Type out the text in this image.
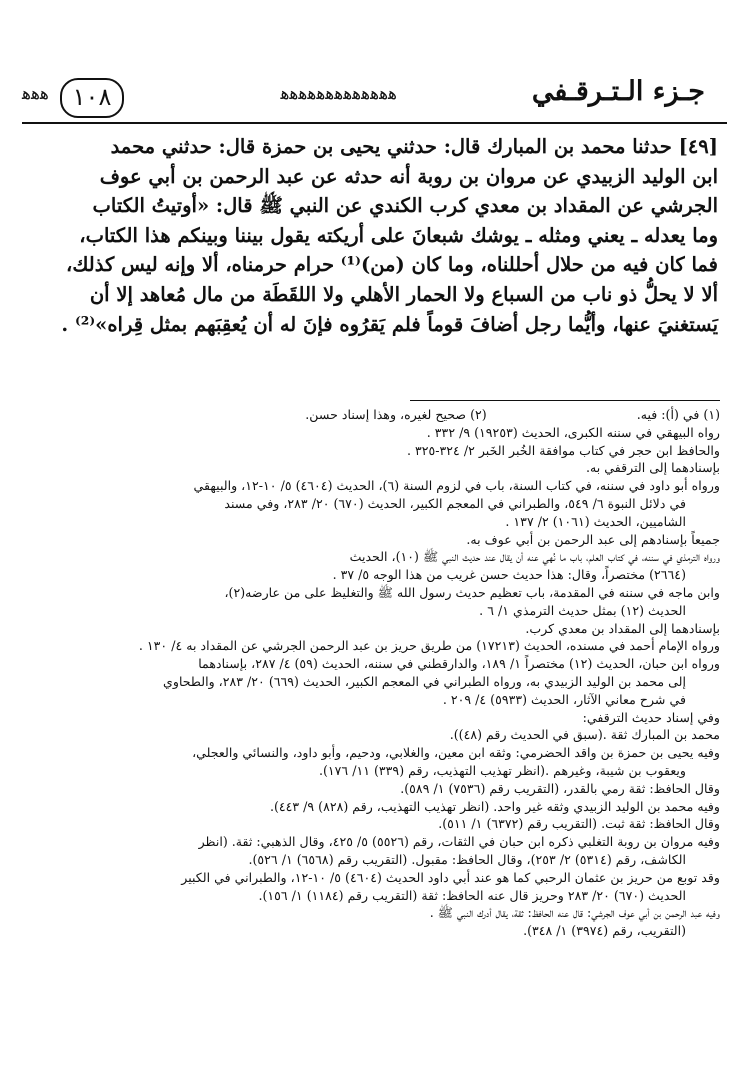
ﮬﮬﮬ ١٠٨	ﮬﮬﮬﮬﮬﮬﮬﮬﮬﮬﮬﮬﮬ	جـزء الـتـرقـفي

[٤٩] حدثنا محمد بن المبارك قال: حدثني يحيى بن حمزة قال: حدثني محمد

ابن الوليد الزبيدي عن مروان بن روبة أنه حدثه عن عبد الرحمن بن أبي عوف

الجرشي عن المقداد بن معدي كرب الكندي عن النبي ﷺ قال: «أوتيتُ الكتاب

وما يعدله ـ يعني ومثله ـ يوشك شبعانَ على أريكته يقول بيننا وبينكم هذا الكتاب،

فما كان فيه من حلال أحللناه، وما كان (من)⁽¹⁾ حرام حرمناه، ألا وإنه ليس كذلك،

ألا لا يحلُّ ذو ناب من السباع ولا الحمار الأهلي ولا اللقَطَة من مال مُعاهد إلا أن

يَستغنيَ عنها، وأيُّما رجل أضافَ قوماً فلم يَقرُوه فإنَ له أن يُعقِبَهم بمثل قِراه»⁽²⁾ .

(١) في (أ): فيه.
(٢) صحيح لغيره، وهذا إسناد حسن.
رواه البيهقي في سننه الكبرى، الحديث (١٩٢٥٣) ٩/ ٣٣٢ .
والحافظ ابن حجر في كتاب موافقة الخُبر الخَبر ٢/ ٣٢٤-٣٢٥ .
بإسنادهما إلى الترقفي به.
ورواه أبو داود في سننه، في كتاب السنة، باب في لزوم السنة (٦)، الحديث (٤٦٠٤) ٥/ ١٠-١٢، والبيهقي
في دلائل النبوة ٦/ ٥٤٩، والطبراني في المعجم الكبير، الحديث (٦٧٠) ٢٠/ ٢٨٣، وفي مسند
الشاميين، الحديث (١٠٦١) ٢/ ١٣٧ .
جميعاً بإسنادهم إلى عبد الرحمن بن أبي عوف به.
ورواه الترمذي في سننه، في كتاب العلم، باب ما نُهي عنه أن يقال عند حديث النبي ﷺ (١٠)، الحديث
(٢٦٦٤) مختصراً، وقال: هذا حديث حسن غريب من هذا الوجه ٥/ ٣٧ .
وابن ماجه في سننه في المقدمة، باب تعظيم حديث رسول الله ﷺ والتغليظ على من عارضه(٢)،
الحديث (١٢) بمثل حديث الترمذي ١/ ٦ .
بإسنادهما إلى المقداد بن معدي كرب.
ورواه الإمام أحمد في مسنده، الحديث (١٧٢١٣) من طريق حريز بن عبد الرحمن الجرشي عن المقداد به ٤/ ١٣٠ .
ورواه ابن حبان، الحديث (١٢) مختصراً ١/ ١٨٩، والدارقطني في سننه، الحديث (٥٩) ٤/ ٢٨٧، بإسنادهما
إلى محمد بن الوليد الزبيدي به، ورواه الطبراني في المعجم الكبير، الحديث (٦٦٩) ٢٠/ ٢٨٣، والطحاوي
في شرح معاني الآثار، الحديث (٥٩٣٣) ٤/ ٢٠٩ .
وفي إسناد حديث الترقفي:
محمد بن المبارك ثقة .(سبق في الحديث رقم (٤٨)).
وفيه يحيى بن حمزة بن واقد الحضرمي: وثقه ابن معين، والغلابي، ودحيم، وأبو داود، والنسائي والعجلي،
ويعقوب بن شيبة، وغيرهم .(انظر تهذيب التهذيب، رقم (٣٣٩) ١١/ ١٧٦).
وقال الحافظ: ثقة رمي بالقدر، (التقريب رقم (٧٥٣٦) ١/ ٥٨٩).
وفيه محمد بن الوليد الزبيدي وثقه غير واحد. (انظر تهذيب التهذيب، رقم (٨٢٨) ٩/ ٤٤٣).
وقال الحافظ: ثقة ثبت. (التقريب رقم (٦٣٧٢) ١/ ٥١١).
وفيه مروان بن روبة التغلبي ذكره ابن حبان في الثقات، رقم (٥٥٢٦) ٥/ ٤٢٥، وقال الذهبي: ثقة. (انظر
الكاشف، رقم (٥٣١٤) ٢/ ٢٥٣)، وقال الحافظ: مقبول. (التقريب رقم (٦٥٦٨) ١/ ٥٢٦).
وقد توبع من حريز بن عثمان الرحبي كما هو عند أبي داود الحديث (٤٦٠٤) ٥/ ١٠-١٢، والطبراني في الكبير
الحديث (٦٧٠) ٢٠/ ٢٨٣ وحريز قال عنه الحافظ: ثقة (التقريب رقم (١١٨٤) ١/ ١٥٦).
وفيه عبد الرحمن بن أبي عوف الجرشي: قال عنه الحافظ: ثقة، يقال أدرك النبي ﷺ .
(التقريب، رقم (٣٩٧٤) ١/ ٣٤٨).
